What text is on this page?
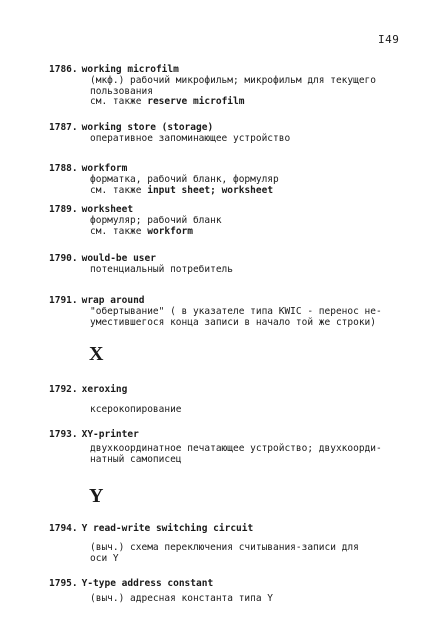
I49
1786. working microfilm
(мкф.) рабочий микрофильм; микрофильм для текущего
пользования
см. также reserve microfilm
1787. working store (storage)
оперативное запоминающее устройство
1788. workform
форматка, рабочий бланк, формуляр
см. также input sheet; worksheet
1789. worksheet
формуляр; рабочий бланк
см. также workform
1790. would-be user
потенциальный потребитель
1791. wrap around
"обертывание" ( в указателе типа KWIC - перенос не-
уместившегося конца записи в начало той же строки)
X
1792. xeroxing
ксерокопирование
1793. XY-printer
двухкоординатное печатающее устройство; двухкоорди-
натный самописец
Y
1794. Y read-write switching circuit
(выч.) схема переключения считывания-записи для
оси Y
1795. Y-type address constant
(выч.) адресная константа типа Y
